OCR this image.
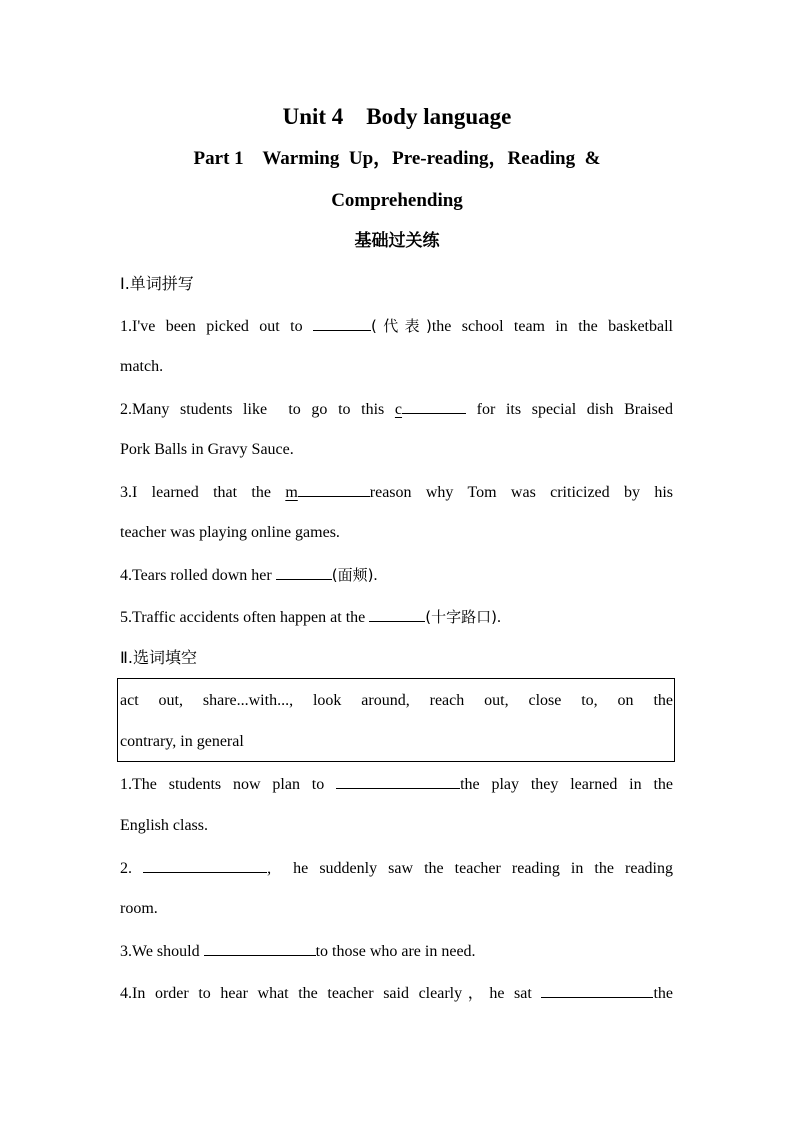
Unit 4    Body language
Part 1    Warming  Up，Pre-reading，Reading  &
Comprehending
基础过关练
Ⅰ.单词拼写
1.I've been picked out to	(代表)the school team in the basketball
match.
2.Many students like  to go to this c	for its special dish Braised
Pork Balls in Gravy Sauce.
3.I  learned  that  the  m	reason  why  Tom  was  criticized  by  his
teacher was playing online games.
4.Tears rolled down her	(面颊).
5.Traffic accidents often happen at the	(十字路口).
Ⅱ.选词填空
act out, share...with..., look around, reach out, close to, on the
contrary, in general
1.The students now plan to	the play they learned in the
English class.
2.	,  he suddenly saw the teacher reading in the reading
room.
3.We should	to those who are in need.
4.In order to hear what the teacher said clearly，he sat	the
